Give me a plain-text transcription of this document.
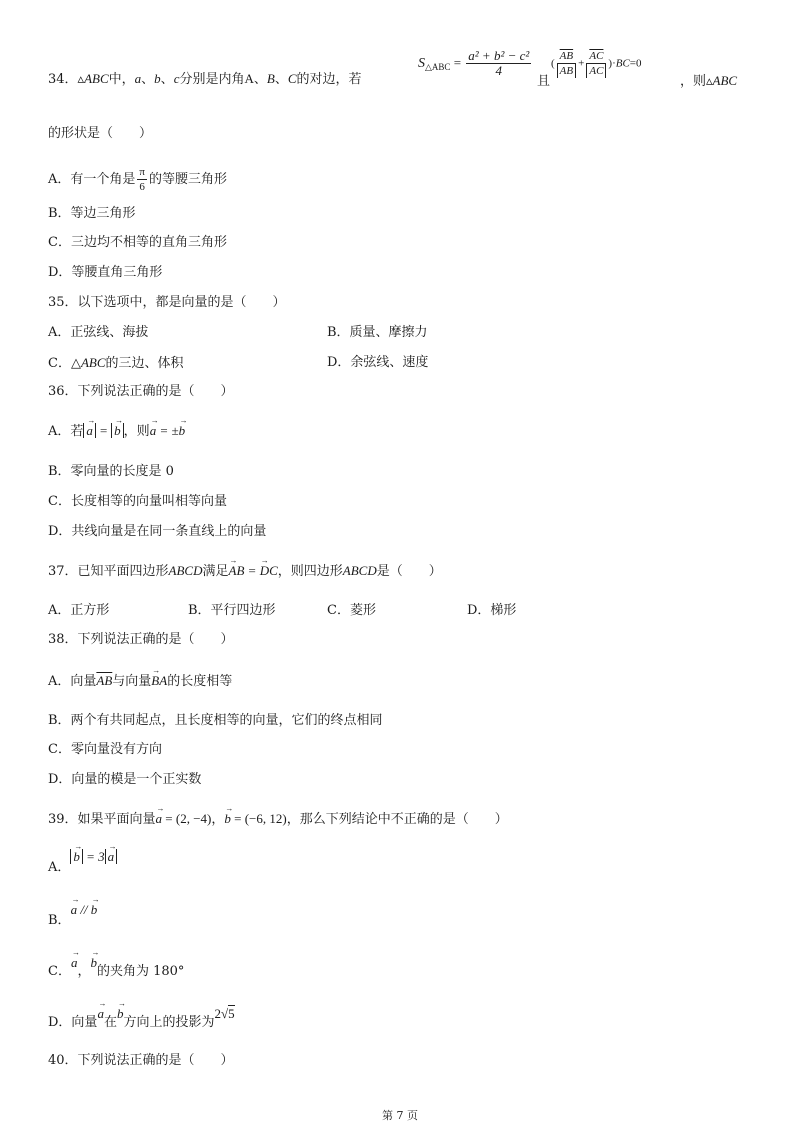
34．▵ABC中，a、b、c分别是内角A、B、C的对边，若
$S_{\triangle ABC} = \frac{\text{a² + b² − c²}}{4}$
且
( $\frac{\overline{AB}}{AB} + \frac{\overline{AC}}{AC} )\cdot BC=0$
，则▵ABC
的形状是（　　）
A．有一个角是 $\frac{\pi}{6}$ 的等腰三角形
B．等边三角形
C．三边均不相等的直角三角形
D．等腰直角三角形
35．以下选项中，都是向量的是（　　）
A．正弦线、海拔	B．质量、摩擦力
C．△ABC的三边、体积	D．余弦线、速度
36．下列说法正确的是（　　）
A．若 → a = → b ，则→ a = ±→ b
B．零向量的长度是 0
C．长度相等的向量叫相等向量
D．共线向量是在同一条直线上的向量
37．已知平面四边形ABCD满足→ AB = → DC，则四边形ABCD是（　　）
A．正方形	B．平行四边形	C．菱形	D．梯形
38．下列说法正确的是（　　）
A．向量$\overline{AB}$与向量→ BA的长度相等
B．两个有共同起点，且长度相等的向量，它们的终点相同
C．零向量没有方向
D．向量的模是一个正实数
39．如果平面向量→ a = (2, −4)，→ b = (−6, 12)，那么下列结论中不正确的是（　　）
A．→ b = 3 → a
B．→ a // → b
C．→ a，→ b的夹角为 180°
D．向量→ a在→ b方向上的投影为2√5
40．下列说法正确的是（　　）
第 7 页
